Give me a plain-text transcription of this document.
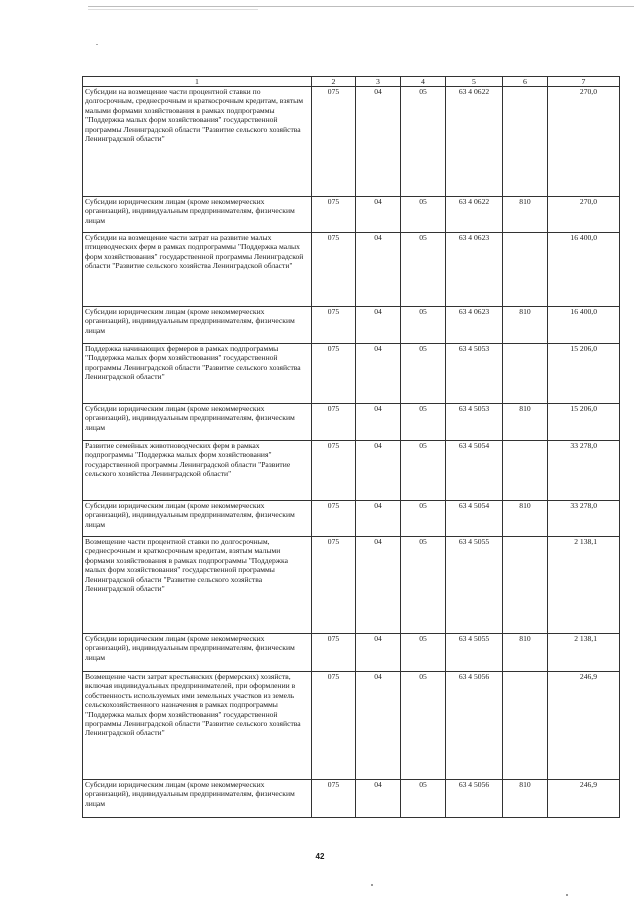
1	2	3	4	5	6	7
Субсидии на возмещение части процентной ставки по долгосрочным, среднесрочным и краткосрочным кредитам, взятым малыми формами хозяйствования в рамках подпрограммы "Поддержка малых форм хозяйствования" государственной программы Ленинградской области "Развитие сельского хозяйства Ленинградской области"	075	04	05	63 4 0622		270,0
Субсидии юридическим лицам (кроме некоммерческих организаций), индивидуальным предпринимателям, физическим лицам	075	04	05	63 4 0622	810	270,0
Субсидии на возмещение части затрат на развитие малых птицеводческих ферм в рамках подпрограммы "Поддержка малых форм хозяйствования" государственной программы Ленинградской области "Развитие сельского хозяйства Ленинградской области"	075	04	05	63 4 0623		16 400,0
Субсидии юридическим лицам (кроме некоммерческих организаций), индивидуальным предпринимателям, физическим лицам	075	04	05	63 4 0623	810	16 400,0
Поддержка начинающих фермеров в рамках подпрограммы "Поддержка малых форм хозяйствования" государственной программы Ленинградской области "Развитие сельского хозяйства Ленинградской области"	075	04	05	63 4 5053		15 206,0
Субсидии юридическим лицам (кроме некоммерческих организаций), индивидуальным предпринимателям, физическим лицам	075	04	05	63 4 5053	810	15 206,0
Развитие семейных животноводческих ферм в рамках подпрограммы "Поддержка малых форм хозяйствования" государственной программы Ленинградской области "Развитие сельского хозяйства Ленинградской области"	075	04	05	63 4 5054		33 278,0
Субсидии юридическим лицам (кроме некоммерческих организаций), индивидуальным предпринимателям, физическим лицам	075	04	05	63 4 5054	810	33 278,0
Возмещение части процентной ставки по долгосрочным, среднесрочным и краткосрочным кредитам, взятым малыми формами хозяйствования в рамках подпрограммы "Поддержка малых форм хозяйствования" государственной программы Ленинградской области "Развитие сельского хозяйства Ленинградской области"	075	04	05	63 4 5055		2 138,1
Субсидии юридическим лицам (кроме некоммерческих организаций), индивидуальным предпринимателям, физическим лицам	075	04	05	63 4 5055	810	2 138,1
Возмещение части затрат крестьянских (фермерских) хозяйств, включая индивидуальных предпринимателей, при оформлении в собственность используемых ими земельных участков из земель сельскохозяйственного назначения в рамках подпрограммы "Поддержка малых форм хозяйствования" государственной программы Ленинградской области "Развитие сельского хозяйства Ленинградской области"	075	04	05	63 4 5056		246,9
Субсидии юридическим лицам (кроме некоммерческих организаций), индивидуальным предпринимателям, физическим лицам	075	04	05	63 4 5056	810	246,9
42
